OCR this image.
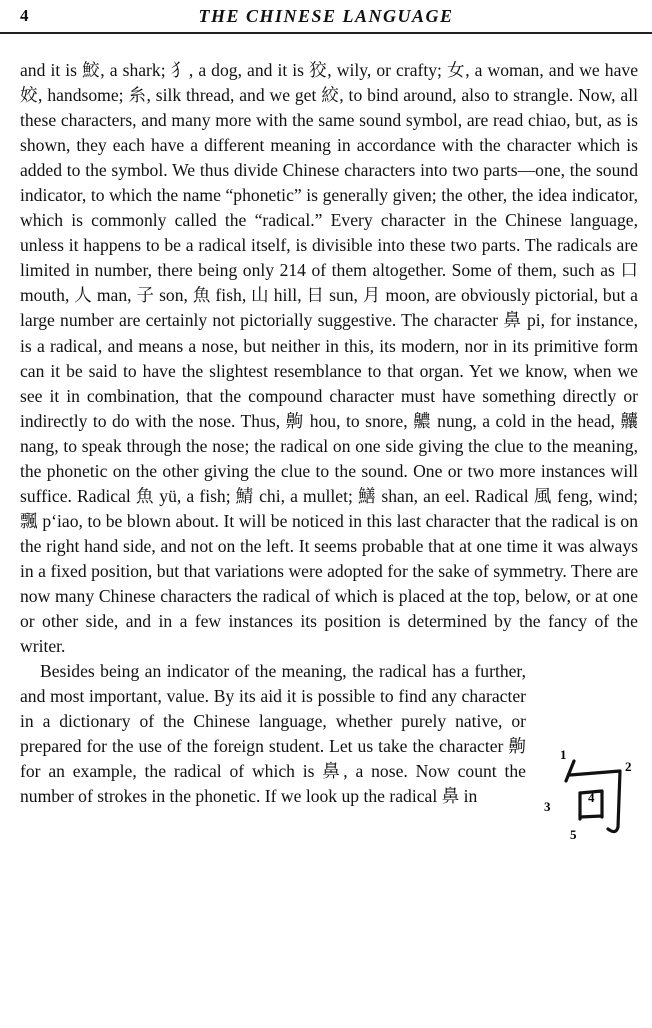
4	THE CHINESE LANGUAGE

and it is 鮫, a shark; 犭, a dog, and it is 狡, wily, or crafty; 女, a woman, and we have 姣, handsome; 糸, silk thread, and we get 絞, to bind around, also to strangle. Now, all these characters, and many more with the same sound symbol, are read chiao, but, as is shown, they each have a different meaning in accordance with the character which is added to the symbol. We thus divide Chinese characters into two parts—one, the sound indicator, to which the name “phonetic” is generally given; the other, the idea indicator, which is commonly called the “radical.” Every character in the Chinese language, unless it happens to be a radical itself, is divisible into these two parts. The radicals are limited in number, there being only 214 of them altogether. Some of them, such as 口 mouth, 人 man, 子 son, 魚 fish, 山 hill, 日 sun, 月 moon, are obviously pictorial, but a large number are certainly not pictorially suggestive. The character 鼻 pi, for instance, is a radical, and means a nose, but neither in this, its modern, nor in its primitive form can it be said to have the slightest resemblance to that organ. Yet we know, when we see it in combination, that the compound character must have something directly or indirectly to do with the nose. Thus, 齁 hou, to snore, 齈 nung, a cold in the head, 齉 nang, to speak through the nose; the radical on one side giving the clue to the meaning, the phonetic on the other giving the clue to the sound. One or two more instances will suffice. Radical 魚 yü, a fish; 鯖 chi, a mullet; 鱔 shan, an eel. Radical 風 feng, wind; 飄 p‘iao, to be blown about. It will be noticed in this last character that the radical is on the right hand side, and not on the left. It seems probable that at one time it was always in a fixed position, but that variations were adopted for the sake of symmetry. There are now many Chinese characters the radical of which is placed at the top, below, or at one or other side, and in a few instances its position is determined by the fancy of the writer.

1
2
3
4
5

Besides being an indicator of the meaning, the radical has a further, and most important, value. By its aid it is possible to find any character in a dictionary of the Chinese language, whether purely native, or prepared for the use of the foreign student. Let us take the character 齁 for an example, the radical of which is 鼻, a nose. Now count the number of strokes in the phonetic. If we look up the radical 鼻 in
